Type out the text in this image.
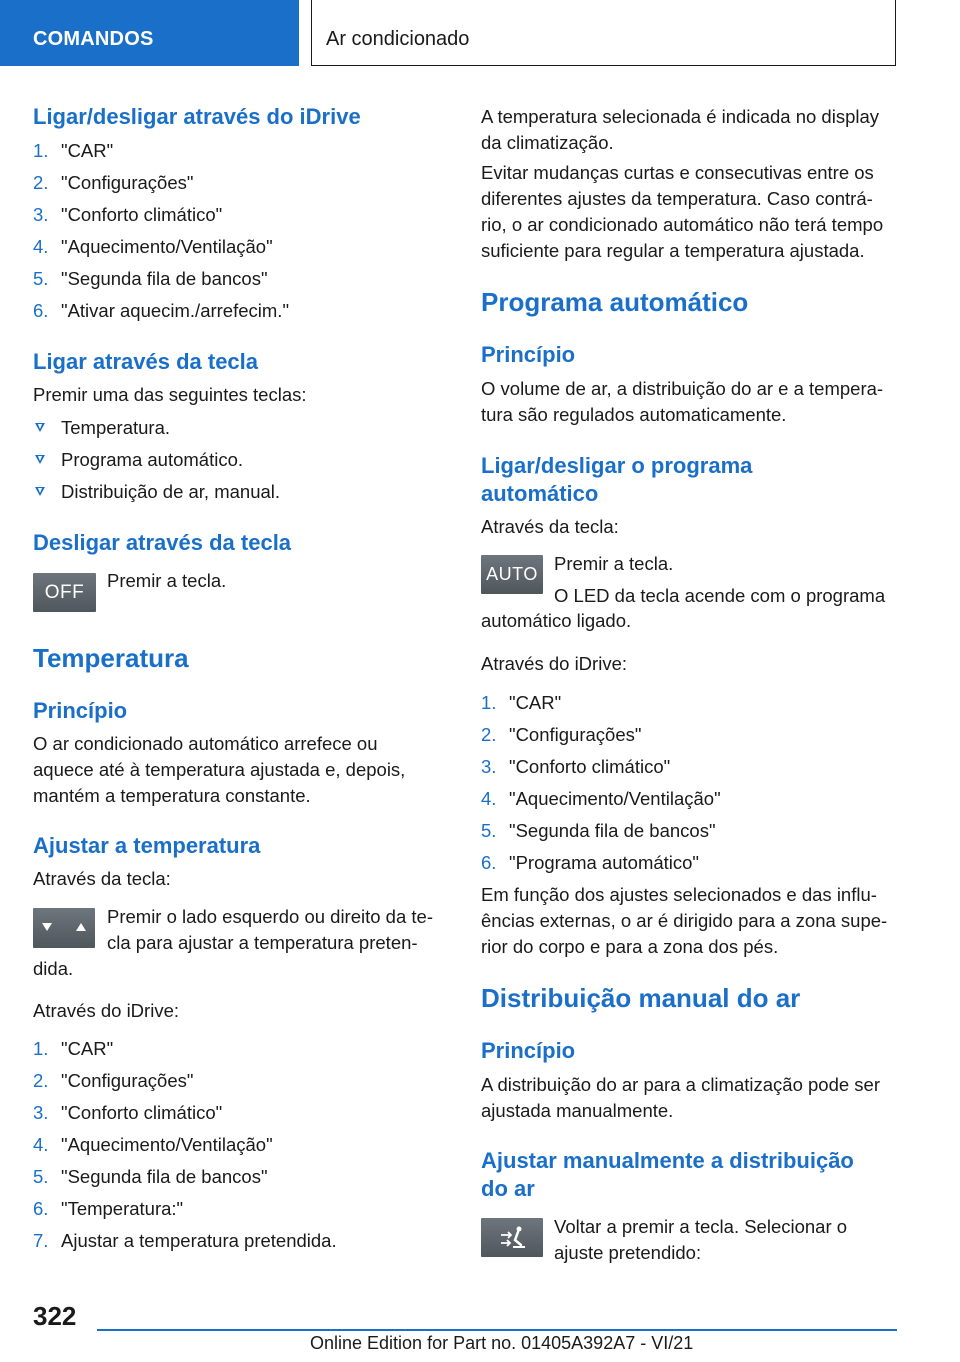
COMANDOS	Ar condicionado
Ligar/desligar através do iDrive
1. "CAR"
2. "Configurações"
3. "Conforto climático"
4. "Aquecimento/Ventilação"
5. "Segunda fila de bancos"
6. "Ativar aquecim./arrefecim."
Ligar através da tecla
Premir uma das seguintes teclas:
Temperatura.
Programa automático.
Distribuição de ar, manual.
Desligar através da tecla
OFF
Premir a tecla.
Temperatura
Princípio
O ar condicionado automático arrefece ou
aquece até à temperatura ajustada e, depois,
mantém a temperatura constante.
Ajustar a temperatura
Através da tecla:
Premir o lado esquerdo ou direito da te-
cla para ajustar a temperatura preten-
dida.
Através do iDrive:
1. "CAR"
2. "Configurações"
3. "Conforto climático"
4. "Aquecimento/Ventilação"
5. "Segunda fila de bancos"
6. "Temperatura:"
7. Ajustar a temperatura pretendida.
A temperatura selecionada é indicada no display
da climatização.
Evitar mudanças curtas e consecutivas entre os
diferentes ajustes da temperatura. Caso contrá-
rio, o ar condicionado automático não terá tempo
suficiente para regular a temperatura ajustada.
Programa automático
Princípio
O volume de ar, a distribuição do ar e a tempera-
tura são regulados automaticamente.
Ligar/desligar o programa
automático
Através da tecla:
AUTO Premir a tecla.
O LED da tecla acende com o programa
automático ligado.
Através do iDrive:
1. "CAR"
2. "Configurações"
3. "Conforto climático"
4. "Aquecimento/Ventilação"
5. "Segunda fila de bancos"
6. "Programa automático"
Em função dos ajustes selecionados e das influ-
ências externas, o ar é dirigido para a zona supe-
rior do corpo e para a zona dos pés.
Distribuição manual do ar
Princípio
A distribuição do ar para a climatização pode ser
ajustada manualmente.
Ajustar manualmente a distribuição
do ar
Voltar a premir a tecla. Selecionar o
ajuste pretendido:
322
Online Edition for Part no. 01405A392A7 - VI/21
